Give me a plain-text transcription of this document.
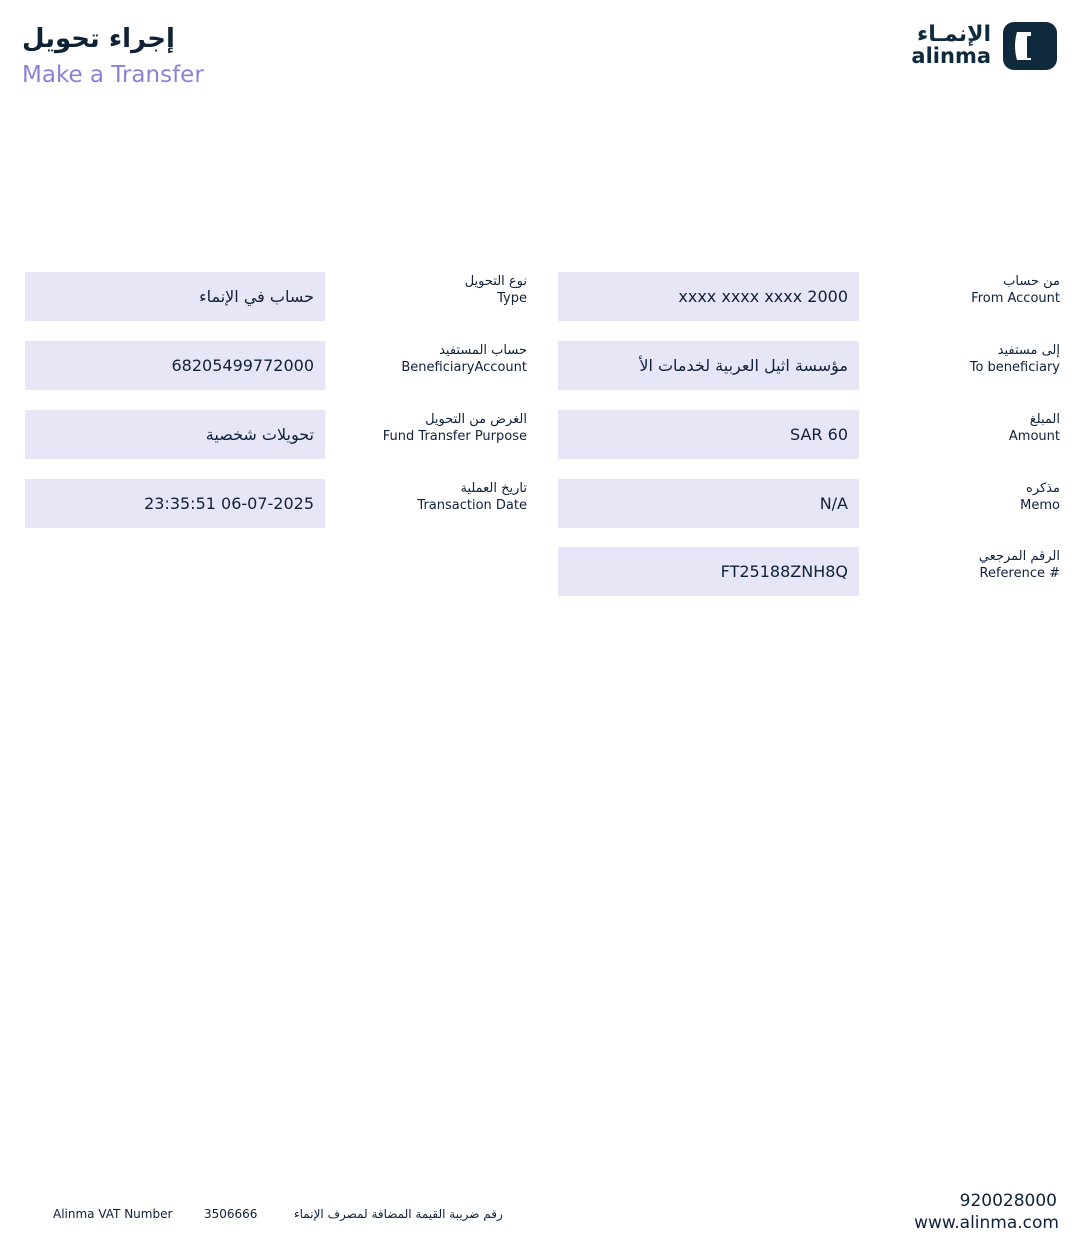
إجراء تحويل
Make a Transfer
الإنمـاء
alinma
من حساب
From Account
xxxx xxxx xxxx 2000
إلى مستفيد
To beneficiary
مؤسسة اثيل العربية لخدمات الأ
المبلغ
Amount
SAR 60
مذكره
Memo
N/A
الرقم المرجعي
Reference #
FT25188ZNH8Q
نوع التحويل
Type
حساب في الإنماء
حساب المستفيد
BeneficiaryAccount
68205499772000
الغرض من التحويل
Fund Transfer Purpose
تحويلات شخصية
تاريخ العملية
Transaction Date
23:35:51 06-07-2025
Alinma VAT Number	3506666	رقم ضريبة القيمة المضافة لمصرف الإنماء
920028000
www.alinma.com
